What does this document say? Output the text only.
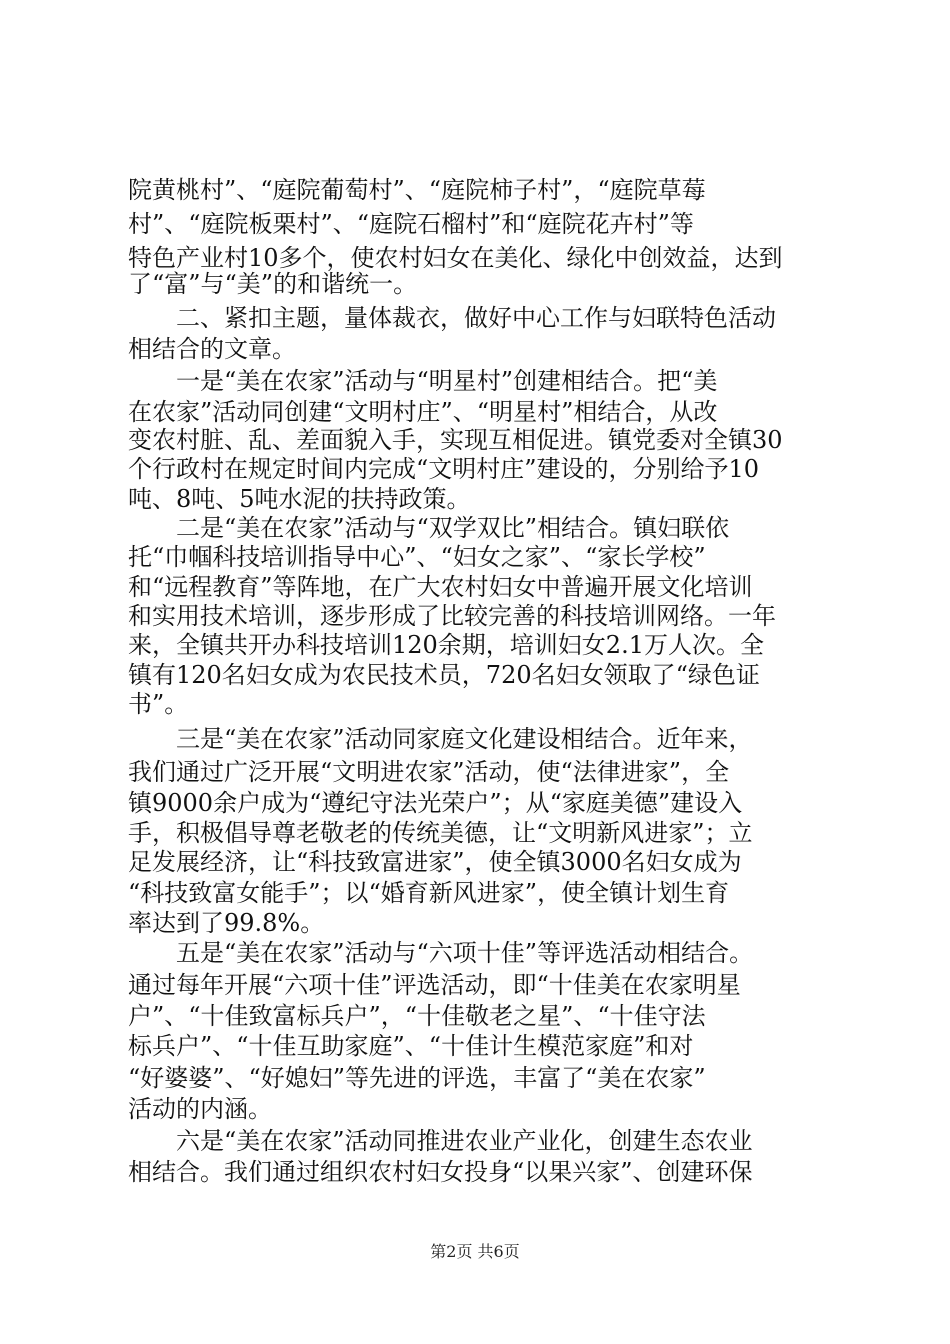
院黄桃村”、“庭院葡萄村”、“庭院柿子村”，“庭院草莓
村”、“庭院板栗村”、“庭院石榴村”和“庭院花卉村”等
特色产业村10多个，使农村妇女在美化、绿化中创效益，达到
了“富”与“美”的和谐统一。
　　二、紧扣主题，量体裁衣，做好中心工作与妇联特色活动
相结合的文章。
　　一是“美在农家”活动与“明星村”创建相结合。把“美
在农家”活动同创建“文明村庄”、“明星村”相结合，从改
变农村脏、乱、差面貌入手，实现互相促进。镇党委对全镇30
个行政村在规定时间内完成“文明村庄”建设的，分别给予10
吨、8吨、5吨水泥的扶持政策。
　　二是“美在农家”活动与“双学双比”相结合。镇妇联依
托“巾帼科技培训指导中心”、“妇女之家”、“家长学校”
和“远程教育”等阵地，在广大农村妇女中普遍开展文化培训
和实用技术培训，逐步形成了比较完善的科技培训网络。一年
来，全镇共开办科技培训120余期，培训妇女2.1万人次。全
镇有120名妇女成为农民技术员，720名妇女领取了“绿色证
书”。
　　三是“美在农家”活动同家庭文化建设相结合。近年来，
我们通过广泛开展“文明进农家”活动，使“法律进家”，全
镇9000余户成为“遵纪守法光荣户”；从“家庭美德”建设入
手，积极倡导尊老敬老的传统美德，让“文明新风进家”；立
足发展经济，让“科技致富进家”，使全镇3000名妇女成为
“科技致富女能手”；以“婚育新风进家”，使全镇计划生育
率达到了99.8%。
　　五是“美在农家”活动与“六项十佳”等评选活动相结合。
通过每年开展“六项十佳”评选活动，即“十佳美在农家明星
户”、“十佳致富标兵户”，“十佳敬老之星”、“十佳守法
标兵户”、“十佳互助家庭”、“十佳计生模范家庭”和对
“好婆婆”、“好媳妇”等先进的评选，丰富了“美在农家”
活动的内涵。
　　六是“美在农家”活动同推进农业产业化，创建生态农业
相结合。我们通过组织农村妇女投身“以果兴家”、创建环保
第2页 共6页
